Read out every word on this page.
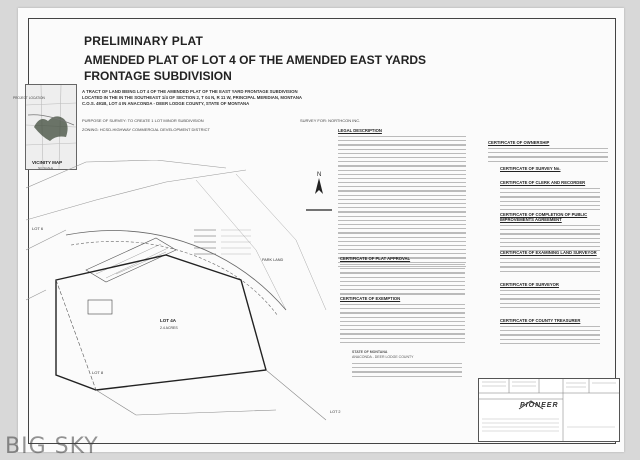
PROJECT LOCATION
VICINITY MAP
NO SCALE
PRELIMINARY PLAT
AMENDED PLAT OF LOT 4 OF THE AMENDED EAST YARDS FRONTAGE SUBDIVISION
A TRACT OF LAND BEING LOT 4 OF THE AMENDED PLAT OF THE EAST YARD FRONTAGE SUBDIVISION
LOCATED IN THE IN THE SOUTHEAST 1/4 OF SECTION 2, T 04 N, R 11 W, PRINCIPAL MERIDIAN, MONTANA
C.O.S. 491B, LOT 4 IN ANACONDA - DEER LODGE COUNTY, STATE OF MONTANA
PURPOSE OF SURVEY: TO CREATE 1 LOT MINOR SUBDIVISION
ZONING: HCSD-HIGHWAY COMMERCIAL DEVELOPMENT DISTRICT
SURVEY FOR: NORTHCON INC.
N
LOT 6
LOT 4A
2.4 ACRES
LOT 8
PARK LAND
LOT 2
LEGAL DESCRIPTION
CERTIFICATE OF PLAT APPROVAL
CERTIFICATE OF EXEMPTION
STATE OF MONTANA
ANACONDA - DEER LODGE COUNTY
CERTIFICATE OF OWNERSHIP
CERTIFICATE OF SURVEY No.
CERTIFICATE OF CLERK AND RECORDER
CERTIFICATE OF COMPLETION OF PUBLIC IMPROVEMENTS AGREEMENT
CERTIFICATE OF EXAMINING LAND SURVEYOR
CERTIFICATE OF SURVEYOR
CERTIFICATE OF COUNTY TREASURER
PIONEER
BIG SKY
